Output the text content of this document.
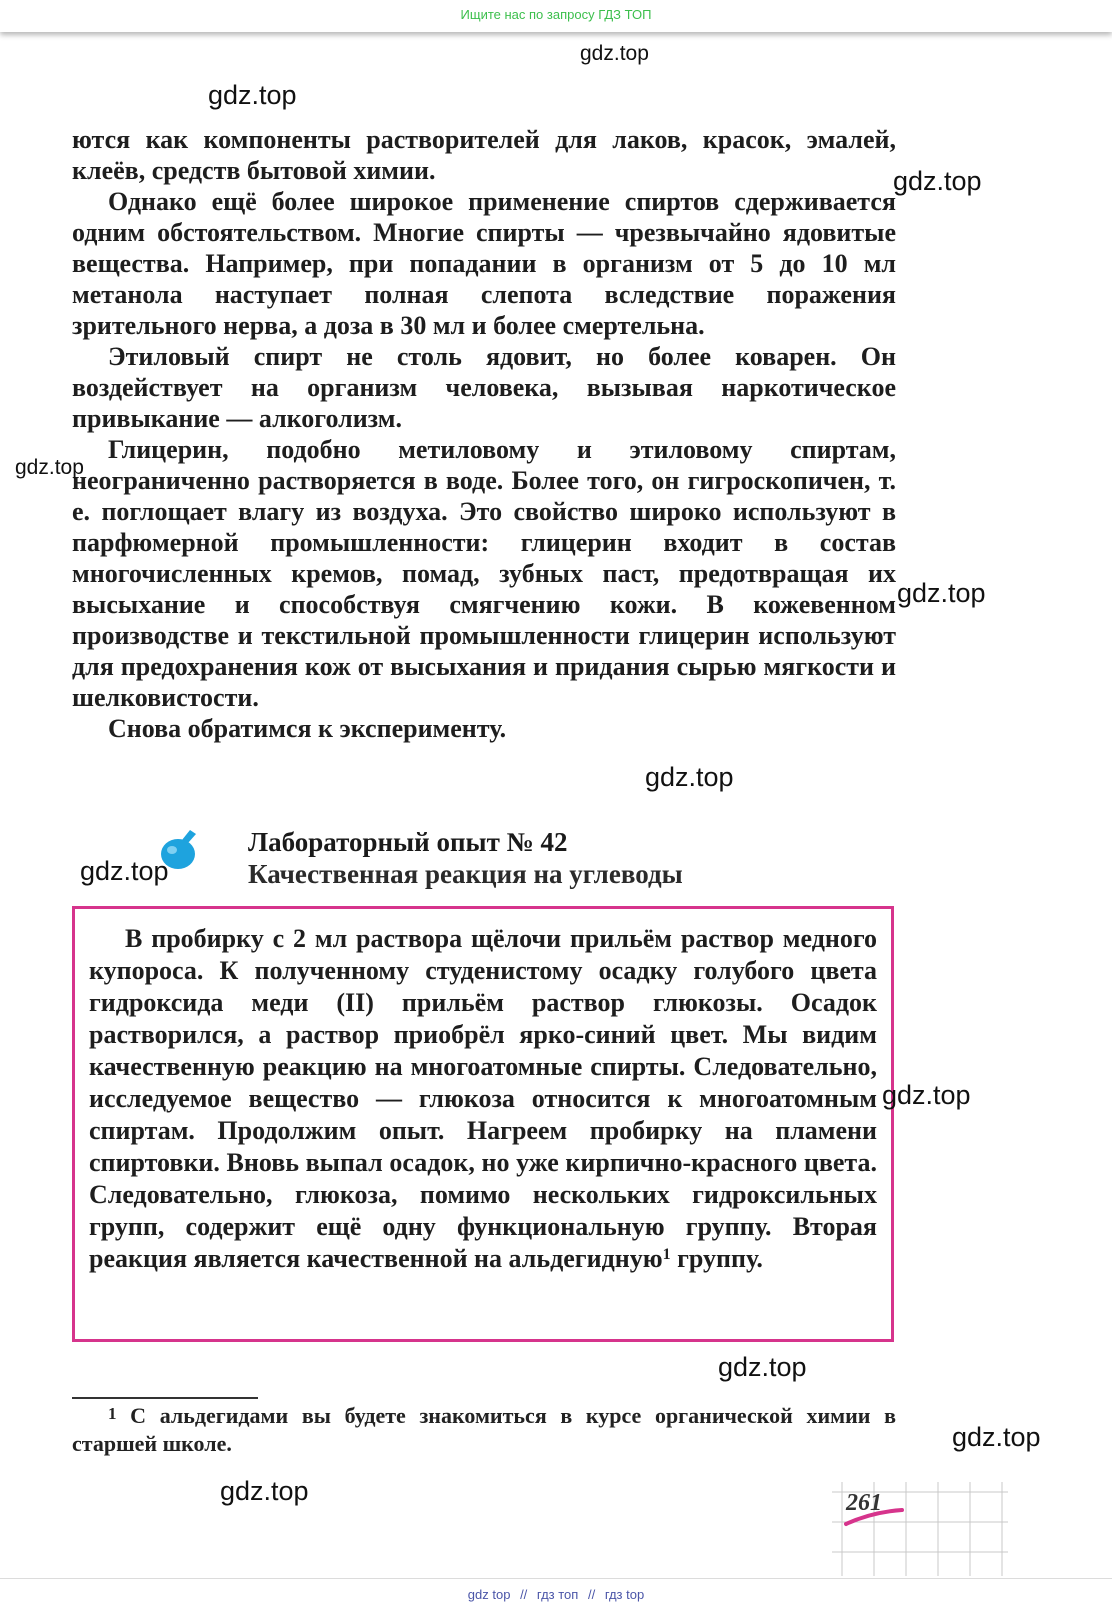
Ищите нас по запросу ГДЗ ТОП
gdz.top
gdz.top
gdz.top
gdz.top
gdz.top
gdz.top
gdz.top
gdz.top
gdz.top
gdz.top
gdz.top

ются как компоненты растворителей для лаков, красок, эмалей, клеёв, средств бытовой химии.

Однако ещё более широкое применение спиртов сдерживается одним обстоятельством. Многие спирты — чрезвычайно ядовитые вещества. Например, при попадании в организм от 5 до 10 мл метанола наступает полная слепота вследствие поражения зрительного нерва, а доза в 30 мл и более смертельна.

Этиловый спирт не столь ядовит, но более коварен. Он воздействует на организм человека, вызывая наркотическое привыкание — алкоголизм.

Глицерин, подобно метиловому и этиловому спиртам, неограниченно растворяется в воде. Более того, он гигроскопичен, т. е. поглощает влагу из воздуха. Это свойство широко используют в парфюмерной промышленности: глицерин входит в состав многочисленных кремов, помад, зубных паст, предотвращая их высыхание и способствуя смягчению кожи. В кожевенном производстве и текстильной промышленности глицерин используют для предохранения кож от высыхания и придания сырью мягкости и шелковистости.

Снова обратимся к эксперименту.

Лабораторный опыт № 42
Качественная реакция на углеводы

В пробирку с 2 мл раствора щёлочи прильём раствор медного купороса. К полученному студенистому осадку голубого цвета гидроксида меди (II) прильём раствор глюкозы. Осадок растворился, а раствор приобрёл ярко-синий цвет. Мы видим качественную реакцию на многоатомные спирты. Следовательно, исследуемое вещество — глюкоза относится к многоатомным спиртам. Продолжим опыт. Нагреем пробирку на пламени спиртовки. Вновь выпал осадок, но уже кирпично-красного цвета. Следовательно, глюкоза, помимо нескольких гидроксильных групп, содержит ещё одну функциональную группу. Вторая реакция является качественной на альдегидную$^1$ группу.

$^1$ С альдегидами вы будете знакомиться в курсе органической химии в старшей школе.

261
gdz top // гдз топ // гдз top
